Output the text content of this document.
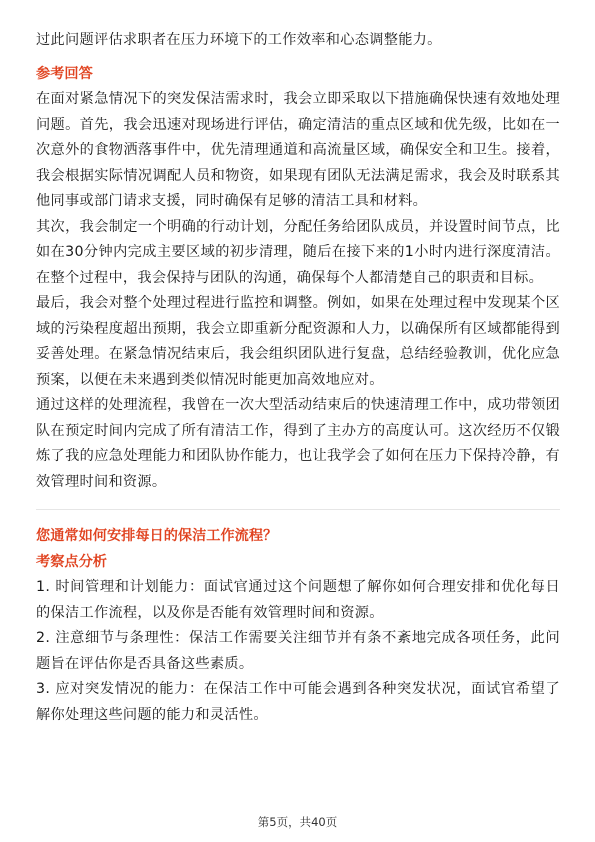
过此问题评估求职者在压力环境下的工作效率和心态调整能力。

参考回答

在面对紧急情况下的突发保洁需求时，我会立即采取以下措施确保快速有效地处理问题。首先，我会迅速对现场进行评估，确定清洁的重点区域和优先级，比如在一次意外的食物洒落事件中，优先清理通道和高流量区域，确保安全和卫生。接着，我会根据实际情况调配人员和物资，如果现有团队无法满足需求，我会及时联系其他同事或部门请求支援，同时确保有足够的清洁工具和材料。

其次，我会制定一个明确的行动计划，分配任务给团队成员，并设置时间节点，比如在30分钟内完成主要区域的初步清理，随后在接下来的1小时内进行深度清洁。在整个过程中，我会保持与团队的沟通，确保每个人都清楚自己的职责和目标。

最后，我会对整个处理过程进行监控和调整。例如，如果在处理过程中发现某个区域的污染程度超出预期，我会立即重新分配资源和人力，以确保所有区域都能得到妥善处理。在紧急情况结束后，我会组织团队进行复盘，总结经验教训，优化应急预案，以便在未来遇到类似情况时能更加高效地应对。

通过这样的处理流程，我曾在一次大型活动结束后的快速清理工作中，成功带领团队在预定时间内完成了所有清洁工作，得到了主办方的高度认可。这次经历不仅锻炼了我的应急处理能力和团队协作能力，也让我学会了如何在压力下保持冷静，有效管理时间和资源。

您通常如何安排每日的保洁工作流程？
考察点分析

1. 时间管理和计划能力：面试官通过这个问题想了解你如何合理安排和优化每日的保洁工作流程，以及你是否能有效管理时间和资源。

2. 注意细节与条理性：保洁工作需要关注细节并有条不紊地完成各项任务，此问题旨在评估你是否具备这些素质。

3. 应对突发情况的能力：在保洁工作中可能会遇到各种突发状况，面试官希望了解你处理这些问题的能力和灵活性。

第5页，共40页
